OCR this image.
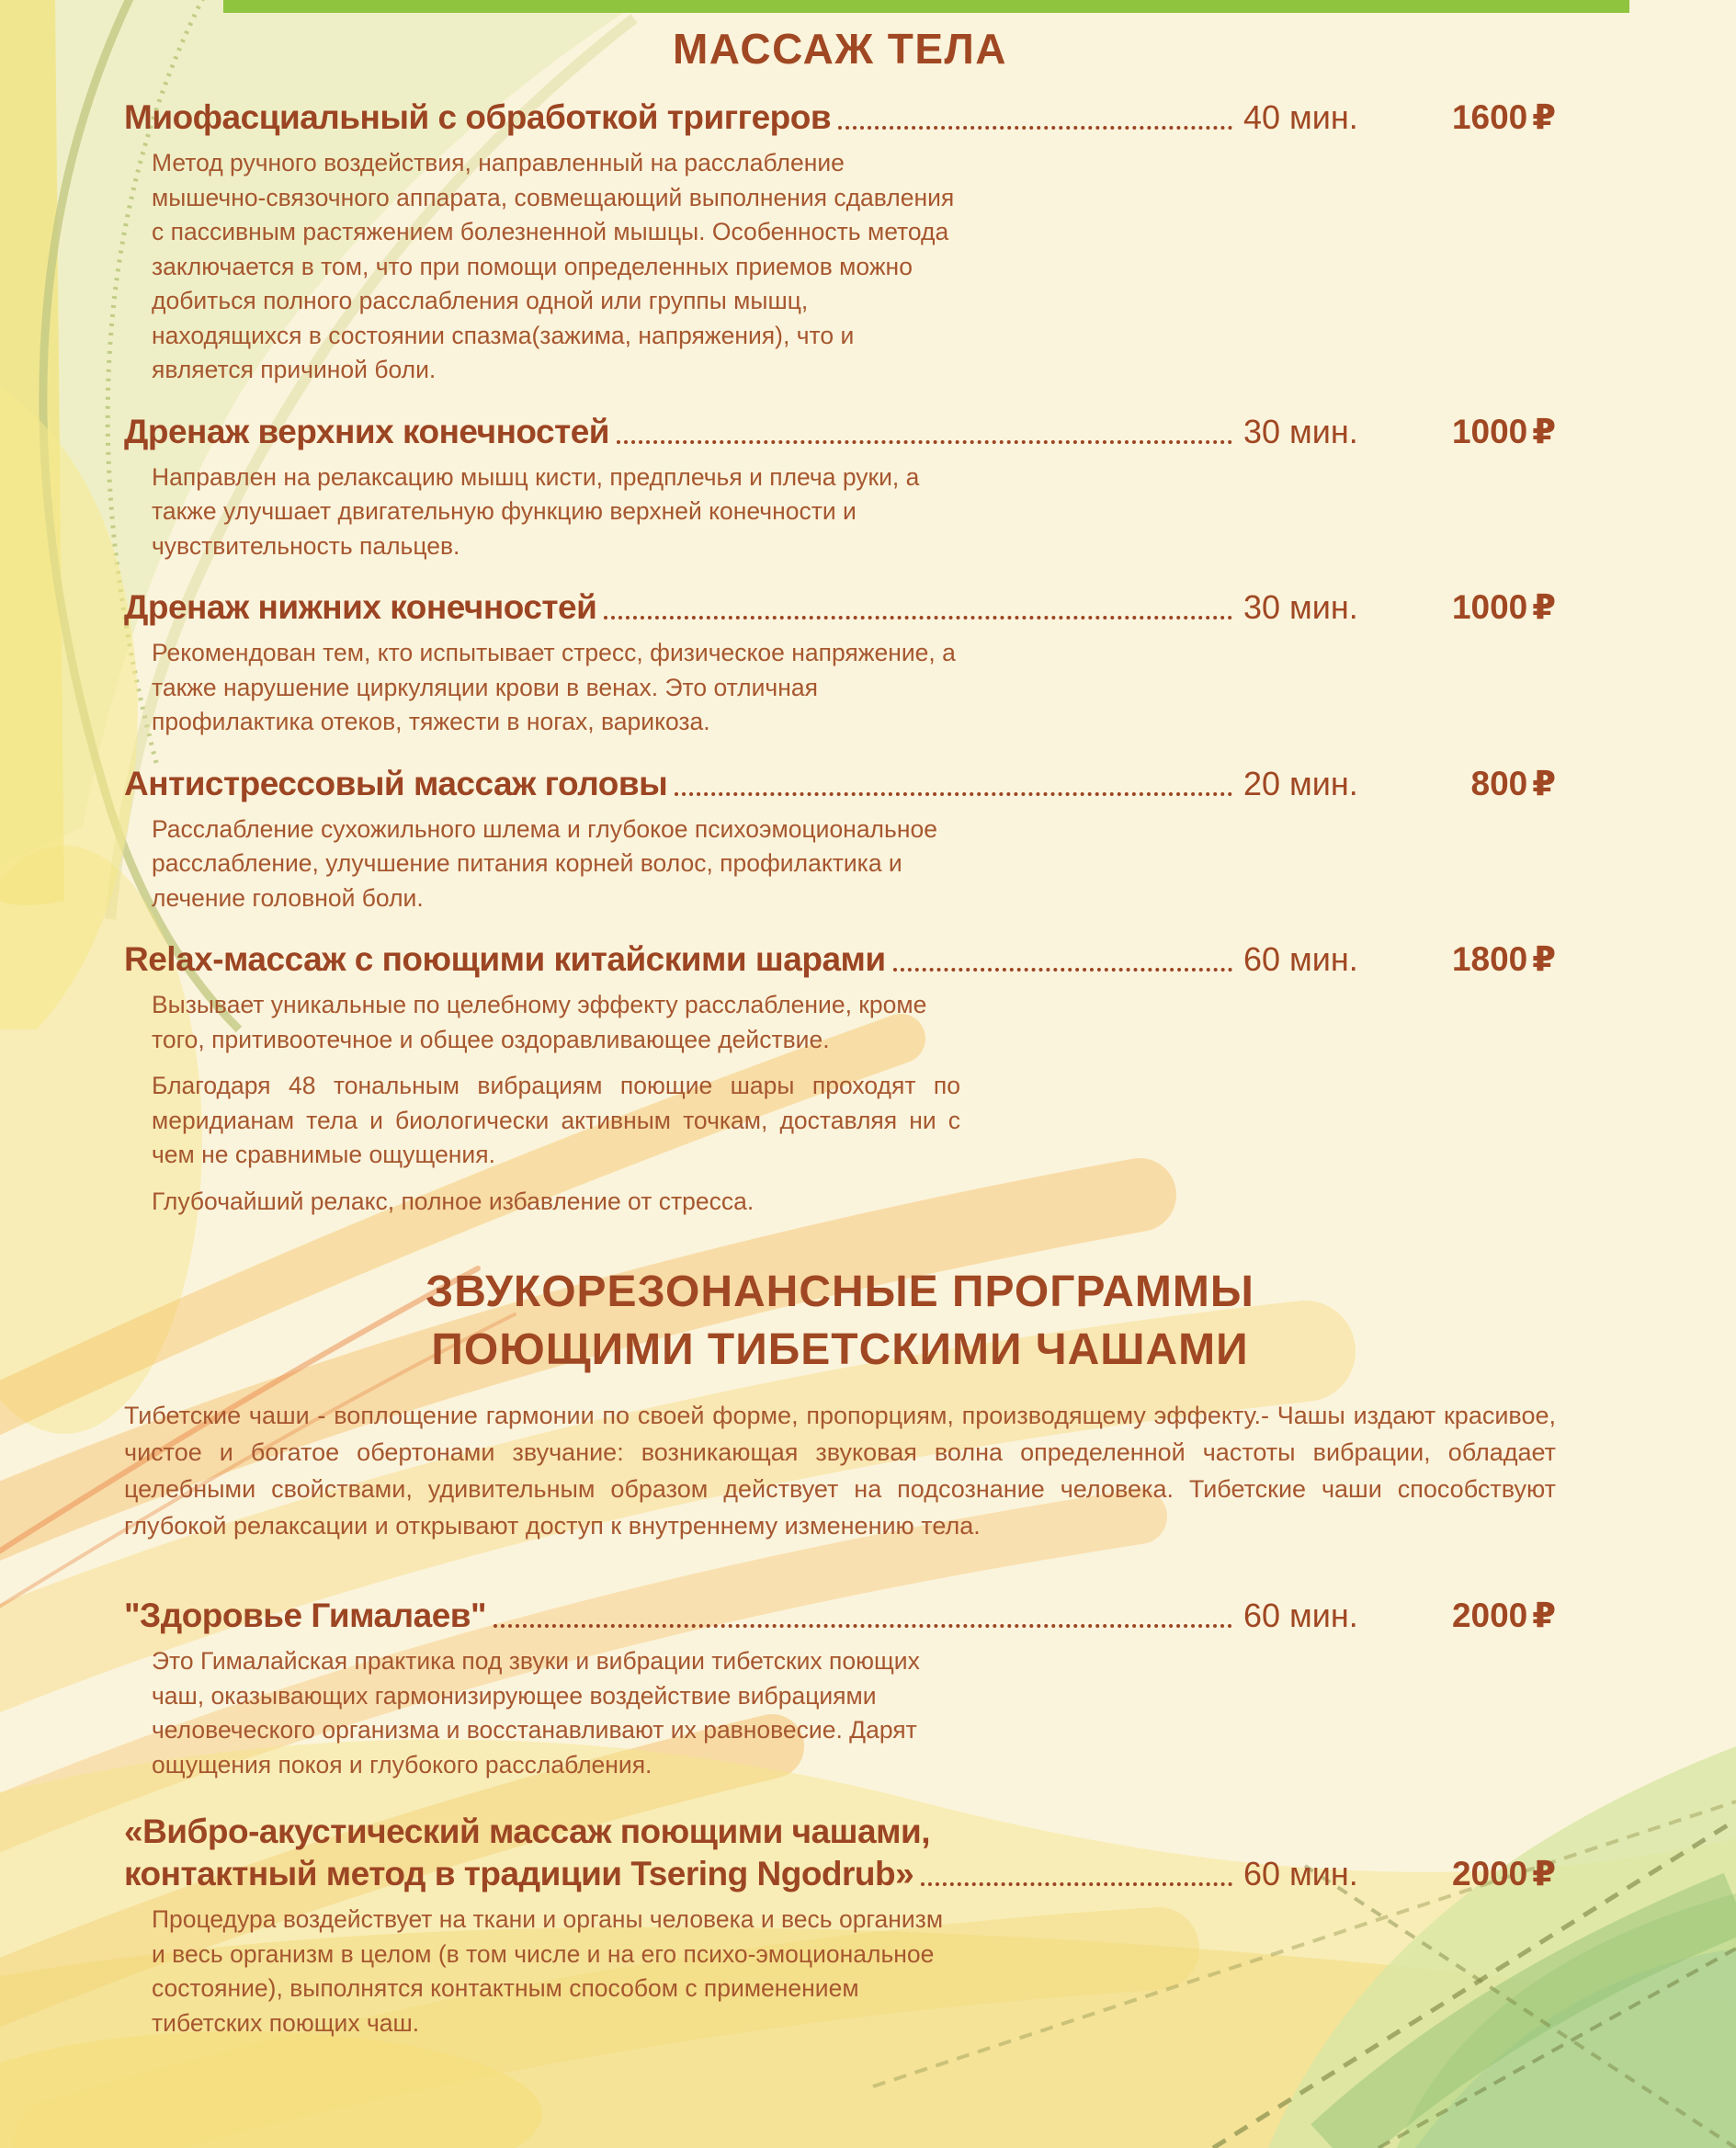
МАССАЖ ТЕЛА
Миофасциальный с обработкой триггеров	40 мин.	1600 ₽

Метод ручного воздействия, направленный на расслабление мышечно-связочного аппарата, совмещающий выполнения сдавления с пассивным растяжением болезненной мышцы. Особенность метода заключается в том, что при помощи определенных приемов можно добиться полного расслабления одной или группы мышц, находящихся в состоянии спазма(зажима, напряжения), что и является причиной боли.

Дренаж верхних конечностей	30 мин.	1000 ₽

Направлен на релаксацию мышц кисти, предплечья и плеча руки, а также улучшает двигательную функцию верхней конечности и чувствительность пальцев.

Дренаж нижних конечностей	30 мин.	1000 ₽

Рекомендован тем, кто испытывает стресс, физическое напряжение, а также нарушение циркуляции крови в венах. Это отличная профилактика отеков, тяжести в ногах, варикоза.

Антистрессовый массаж головы	20 мин.	800 ₽

Расслабление сухожильного шлема и глубокое психоэмоциональное расслабление, улучшение питания корней волос, профилактика и лечение головной боли.

Relax-массаж с поющими китайскими шарами	60 мин.	1800 ₽

Вызывает уникальные по целебному эффекту расслабление, кроме того, притивоотечное и общее оздоравливающее действие.

Благодаря 48 тональным вибрациям поющие шары проходят по меридианам тела и биологически активным точкам, доставляя ни с чем не сравнимые ощущения.

Глубочайший релакс, полное избавление от стресса.

ЗВУКОРЕЗОНАНСНЫЕ ПРОГРАММЫ
ПОЮЩИМИ ТИБЕТСКИМИ ЧАШАМИ

Тибетские чаши - воплощение гармонии по своей форме, пропорциям, производящему эффекту.- Чашы издают красивое, чистое и богатое обертонами звучание: возникающая звуковая волна определенной частоты вибрации, обладает целебными свойствами, удивительным образом действует на подсознание человека. Тибетские чаши способствуют глубокой релаксации и открывают доступ к внутреннему изменению тела.

"Здоровье Гималаев"	60 мин.	2000 ₽

Это Гималайская практика под звуки и вибрации тибетских поющих чаш, оказывающих гармонизирующее воздействие вибрациями человеческого организма и восстанавливают их равновесие. Дарят ощущения покоя и глубокого расслабления.

«Вибро-акустический массаж поющими чашами,
контактный метод в традиции Tsering Ngodrub»	60 мин.	2000 ₽

Процедура воздействует на ткани и органы человека и весь организм и весь организм в целом (в том числе и на его психо-эмоциональное состояние), выполнятся контактным способом с применением тибетских поющих чаш.
